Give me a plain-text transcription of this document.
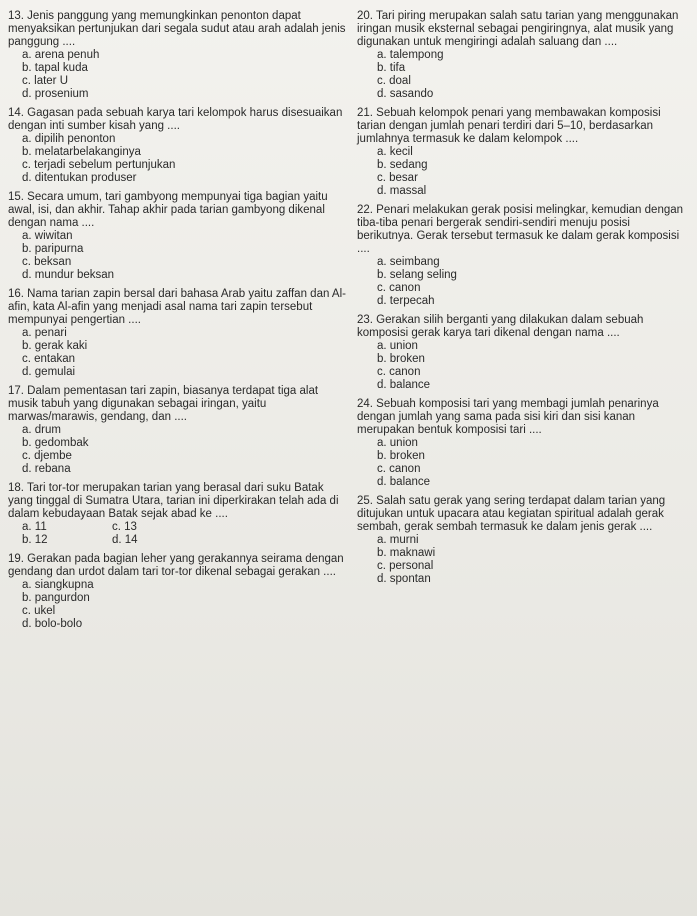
13. Jenis panggung yang memungkinkan penonton dapat menyaksikan pertunjukan dari segala sudut atau arah adalah jenis panggung ....
a. arena penuh
b. tapal kuda
c. later U
d. prosenium
14. Gagasan pada sebuah karya tari kelompok harus disesuaikan dengan inti sumber kisah yang ....
a. dipilih penonton
b. melatarbelakanginya
c. terjadi sebelum pertunjukan
d. ditentukan produser
15. Secara umum, tari gambyong mempunyai tiga bagian yaitu awal, isi, dan akhir. Tahap akhir pada tarian gambyong dikenal dengan nama ....
a. wiwitan
b. paripurna
c. beksan
d. mundur beksan
16. Nama tarian zapin bersal dari bahasa Arab yaitu zaffan dan Al-afin, kata Al-afin yang menjadi asal nama tari zapin tersebut mempunyai pengertian ....
a. penari
b. gerak kaki
c. entakan
d. gemulai
17. Dalam pementasan tari zapin, biasanya terdapat tiga alat musik tabuh yang digunakan sebagai iringan, yaitu marwas/marawis, gendang, dan ....
a. drum
b. gedombak
c. djembe
d. rebana
18. Tari tor-tor merupakan tarian yang berasal dari suku Batak yang tinggal di Sumatra Utara, tarian ini diperkirakan telah ada di dalam kebudayaan Batak sejak abad ke ....
a. 11	c. 13
b. 12	d. 14
19. Gerakan pada bagian leher yang gerakannya seirama dengan gendang dan urdot dalam tari tor-tor dikenal sebagai gerakan ....
a. siangkupna
b. pangurdon
c. ukel
d. bolo-bolo
20. Tari piring merupakan salah satu tarian yang menggunakan iringan musik eksternal sebagai pengiringnya, alat musik yang digunakan untuk mengiringi adalah saluang dan ....
a. talempong
b. tifa
c. doal
d. sasando
21. Sebuah kelompok penari yang membawakan komposisi tarian dengan jumlah penari terdiri dari 5–10, berdasarkan jumlahnya termasuk ke dalam kelompok ....
a. kecil
b. sedang
c. besar
d. massal
22. Penari melakukan gerak posisi melingkar, kemudian dengan tiba-tiba penari bergerak sendiri-sendiri menuju posisi berikutnya. Gerak tersebut termasuk ke dalam gerak komposisi ....
a. seimbang
b. selang seling
c. canon
d. terpecah
23. Gerakan silih berganti yang dilakukan dalam sebuah komposisi gerak karya tari dikenal dengan nama ....
a. union
b. broken
c. canon
d. balance
24. Sebuah komposisi tari yang membagi jumlah penarinya dengan jumlah yang sama pada sisi kiri dan sisi kanan merupakan bentuk komposisi tari ....
a. union
b. broken
c. canon
d. balance
25. Salah satu gerak yang sering terdapat dalam tarian yang ditujukan untuk upacara atau kegiatan spiritual adalah gerak sembah, gerak sembah termasuk ke dalam jenis gerak ....
a. murni
b. maknawi
c. personal
d. spontan
